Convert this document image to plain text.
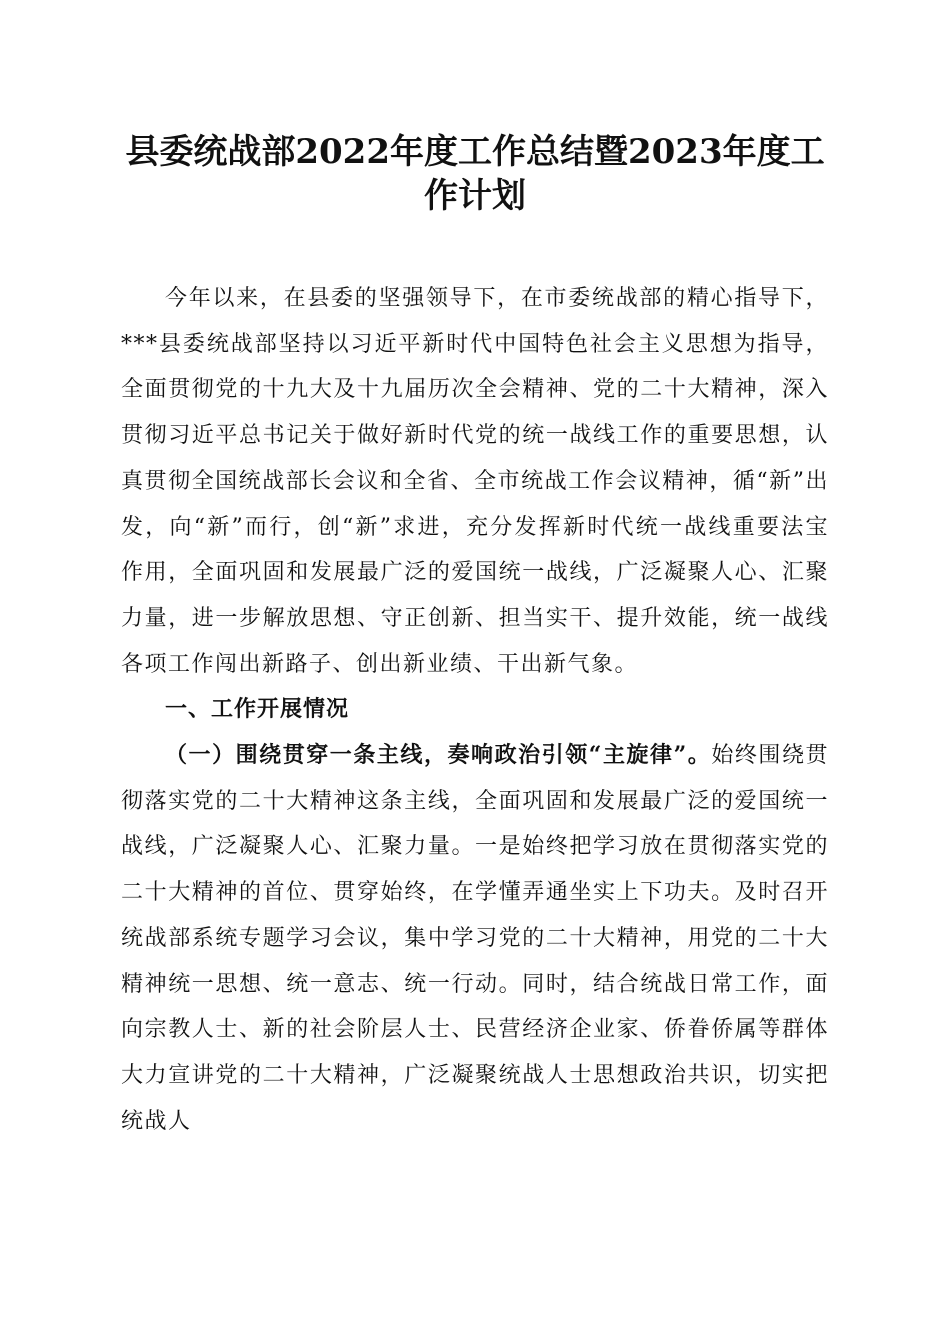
县委统战部2022年度工作总结暨2023年度工作计划

今年以来，在县委的坚强领导下，在市委统战部的精心指导下，***县委统战部坚持以习近平新时代中国特色社会主义思想为指导，全面贯彻党的十九大及十九届历次全会精神、党的二十大精神，深入贯彻习近平总书记关于做好新时代党的统一战线工作的重要思想，认真贯彻全国统战部长会议和全省、全市统战工作会议精神，循“新”出发，向“新”而行，创“新”求进，充分发挥新时代统一战线重要法宝作用，全面巩固和发展最广泛的爱国统一战线，广泛凝聚人心、汇聚力量，进一步解放思想、守正创新、担当实干、提升效能，统一战线各项工作闯出新路子、创出新业绩、干出新气象。

一、工作开展情况

（一）围绕贯穿一条主线，奏响政治引领“主旋律”。始终围绕贯彻落实党的二十大精神这条主线，全面巩固和发展最广泛的爱国统一战线，广泛凝聚人心、汇聚力量。一是始终把学习放在贯彻落实党的二十大精神的首位、贯穿始终，在学懂弄通坐实上下功夫。及时召开统战部系统专题学习会议，集中学习党的二十大精神，用党的二十大精神统一思想、统一意志、统一行动。同时，结合统战日常工作，面向宗教人士、新的社会阶层人士、民营经济企业家、侨眷侨属等群体大力宣讲党的二十大精神，广泛凝聚统战人士思想政治共识，切实把统战人
